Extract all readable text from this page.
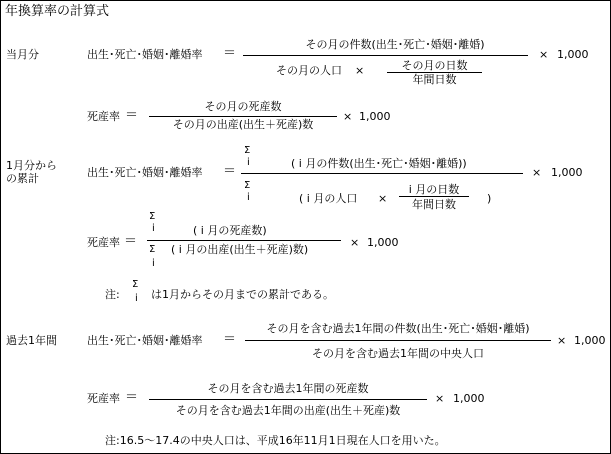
年換算率の計算式
当月分	出生･死亡･婚姻･離婚率 ＝
その月の件数(出生･死亡･婚姻･離婚)
その月の人口 ×	その月の日数
年間日数
× 1,000
死産率 ＝
その月の死産数
その月の出産(出生＋死産)数
× 1,000
1月分から
の累計	出生･死亡･婚姻･離婚率 ＝
Σ
i	( i 月の件数(出生･死亡･婚姻･離婚))
Σ
i	( i 月の人口 ×
i 月の日数
年間日数	)
× 1,000
死産率 ＝
Σ
i	( i 月の死産数)
Σ
i
( i 月の出産(出生＋死産)数)
× 1,000
注:
Σ
i は1月からその月までの累計である。
過去1年間	出生･死亡･婚姻･離婚率 ＝
その月を含む過去1年間の件数(出生･死亡･婚姻･離婚)
その月を含む過去1年間の中央人口
× 1,000
死産率 ＝
その月を含む過去1年間の死産数
その月を含む過去1年間の出産(出生＋死産)数
× 1,000
注:16.5～17.4の中央人口は、平成16年11月1日現在人口を用いた。
